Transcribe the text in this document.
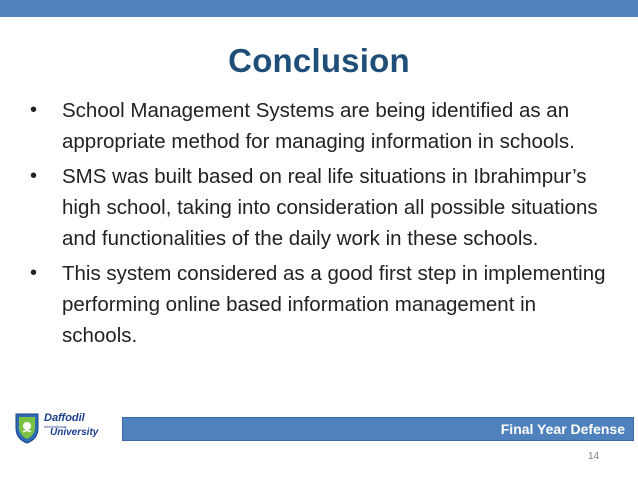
Conclusion
• School Management Systems are being identified as an appropriate method for managing information in schools.
• SMS was built based on real life situations in Ibrahimpur’s high school, taking into consideration all possible situations and functionalities of the daily work in these schools.
• This system considered as a good first step in implementing performing online based information management in schools.
Daffodil
International
University	Final Year Defense
14
